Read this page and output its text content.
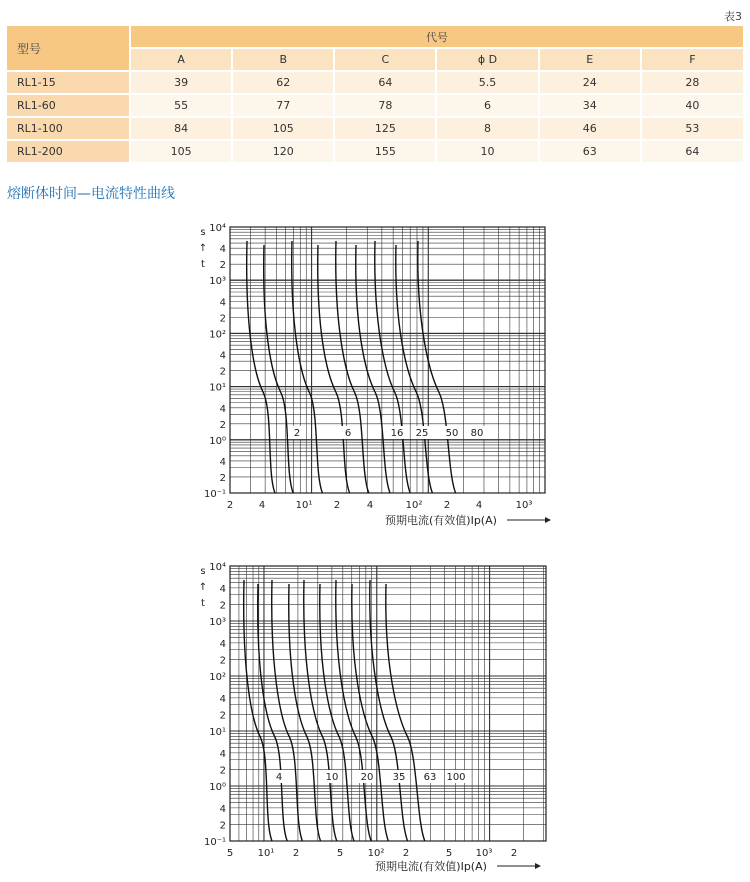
表3
型号	代号					
	A	B	C	ϕ D	E	F
RL1-15	39	62	64	5.5	24	28
RL1-60	55	77	78	6	34	40
RL1-100	84	105	125	8	46	53
RL1-200	105	120	155	10	63	64
熔断体时间—电流特性曲线
10⁴
4
2
10³
4
2
10²
4
2
10¹
4
2
10⁰
4
2
10⁻¹
s
↑
t
2	4	10¹ 2	4	10² 2	4	10³
预期电流(有效值)Ip(A)
2	6	16 25 50 80
10⁴
4
2
10³
4
2
10²
4
2
10¹
4
2
10⁰
4
2
10⁻¹
s
↑
t
5 10¹ 2	5 10² 2	5 10³ 2
预期电流(有效值)Ip(A)
4	10 20 35 63 100
